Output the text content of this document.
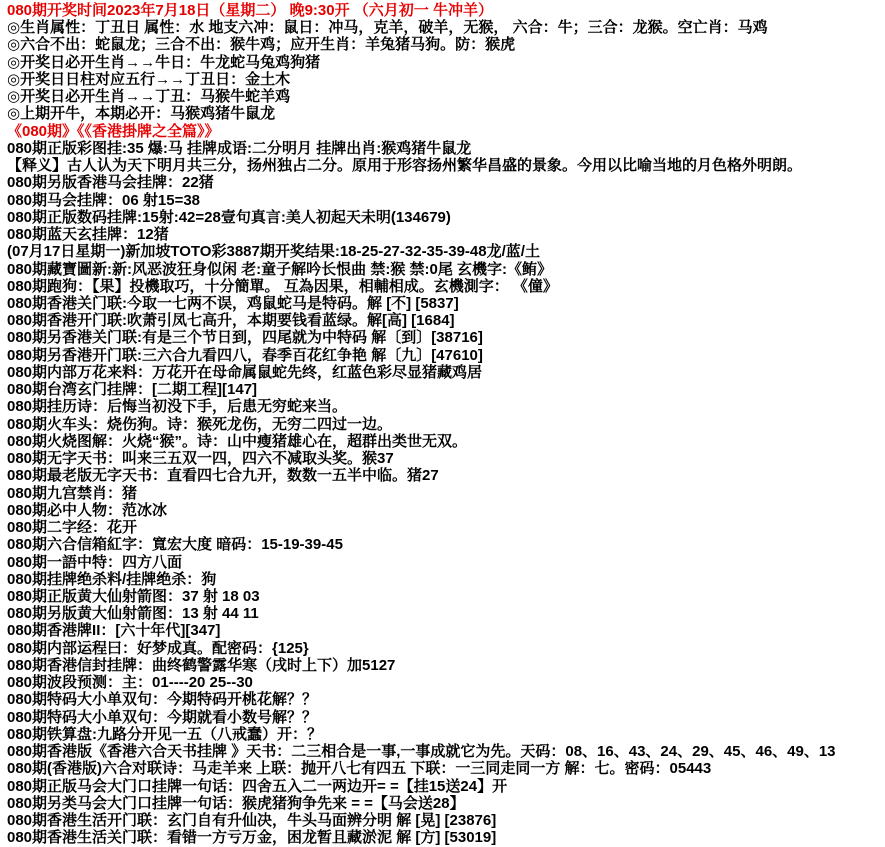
080期开奖时间2023年7月18日（星期二） 晚9:30开 （六月初一 牛冲羊）
◎生肖属性：丁丑日 属性：水 地支六冲：鼠日：冲马，克羊，破羊，无猴， 六合：牛；三合：龙猴。空亡肖：马鸡
◎六合不出：蛇鼠龙；三合不出：猴牛鸡；应开生肖：羊兔猪马狗。防：猴虎
◎开奖日必开生肖→→牛日：牛龙蛇马兔鸡狗猪
◎开奖日日柱对应五行→→丁丑日：金土木
◎开奖日必开生肖→→丁丑：马猴牛蛇羊鸡
◎上期开牛，本期必开：马猴鸡猪牛鼠龙
《080期》《《香港掛牌之全篇》》
080期正版彩图挂:35 爆:马 挂牌成语:二分明月 挂牌出肖:猴鸡猪牛鼠龙
【释义】古人认为天下明月共三分，扬州独占二分。原用于形容扬州繁华昌盛的景象。今用以比喻当地的月色格外明朗。
080期另版香港马会挂牌：22猪
080期马会挂牌：06 射15=38
080期正版数码挂牌:15射:42=28壹句真言:美人初起天未明(134679)
080期蓝天玄挂牌：12猪
(07月17日星期一)新加坡TOTO彩3887期开奖结果:18-25-27-32-35-39-48龙/蓝/土
080期藏寶圖新:新:风恶波狂身似闲 老:童子解吟长恨曲 禁:猴 禁:0尾 玄機字:《鲔》
080期跑狗：【果】投機取巧，十分簡單。 互為因果，相輔相成。玄機測字： 《僮》
080期香港关门联:今取一七两不误，鸡鼠蛇马是特码。解 [不] [5837]
080期香港开门联:吹萧引凤七高升，本期要钱看蓝绿。解[高] [1684]
080期另香港关门联:有是三个节日到，四尾就为中特码 解〔到〕[38716]
080期另香港开门联:三六合九看四八，春季百花红争艳 解〔九〕[47610]
080期内部万花来料：万花开在母命属鼠蛇先终，红蓝色彩尽显猪藏鸡居
080期台湾玄门挂牌：[二期工程][147]
080期挂历诗：后悔当初没下手，后患无穷蛇来当。
080期火车头：烧伤狗。诗：猴死龙伤，无穷二四过一边。
080期火烧图解：火烧“猴”。诗：山中瘦猪雄心在，超群出类世无双。
080期无字天书：叫来三五双一四，四六不减取头奖。猴37
080期最老版无字天书：直看四七合九开，数数一五半中临。猪27
080期九宫禁肖：猪
080期必中人物：范冰冰
080期二字经：花开
080期六合信箱紅字：寬宏大度 暗码：15-19-39-45
080期一語中特：四方八面
080期挂牌绝杀料/挂牌绝杀：狗
080期正版黄大仙射箭图：37 射 18 03
080期另版黄大仙射箭图：13 射 44 11
080期香港牌II：[六十年代][347]
080期内部运程曰：好梦成真。配密码：{125}
080期香港信封挂牌：曲终鹤警露华寒（戌时上下）加5127
080期波段预测：主：01----20 25--30
080期特码大小单双句：今期特码开桃花解？？
080期特码大小单双句：今期就看小数号解？？
080期铁算盘:九路分开见一五（八戒蠢）开：？
080期香港版《香港六合天书挂牌 》天书：二三相合是一事,一事成就它为先。天码：08、16、43、24、29、45、46、49、13
080期(香港版)六合对联诗：马走羊来 上联：抛开八七有四五 下联：一三同走同一方 解：七。密码：05443
080期正版马会大门口挂牌一句话：四舍五入二一两边开= =【挂15送24】开
080期另类马会大门口挂牌一句话：猴虎猪狗争先来 = =【马会送28】
080期香港生活开门联：玄门自有升仙决，牛头马面辨分明 解 [晃] [23876]
080期香港生活关门联：看错一方亏万金，困龙暂且藏淤泥 解 [方] [53019]
